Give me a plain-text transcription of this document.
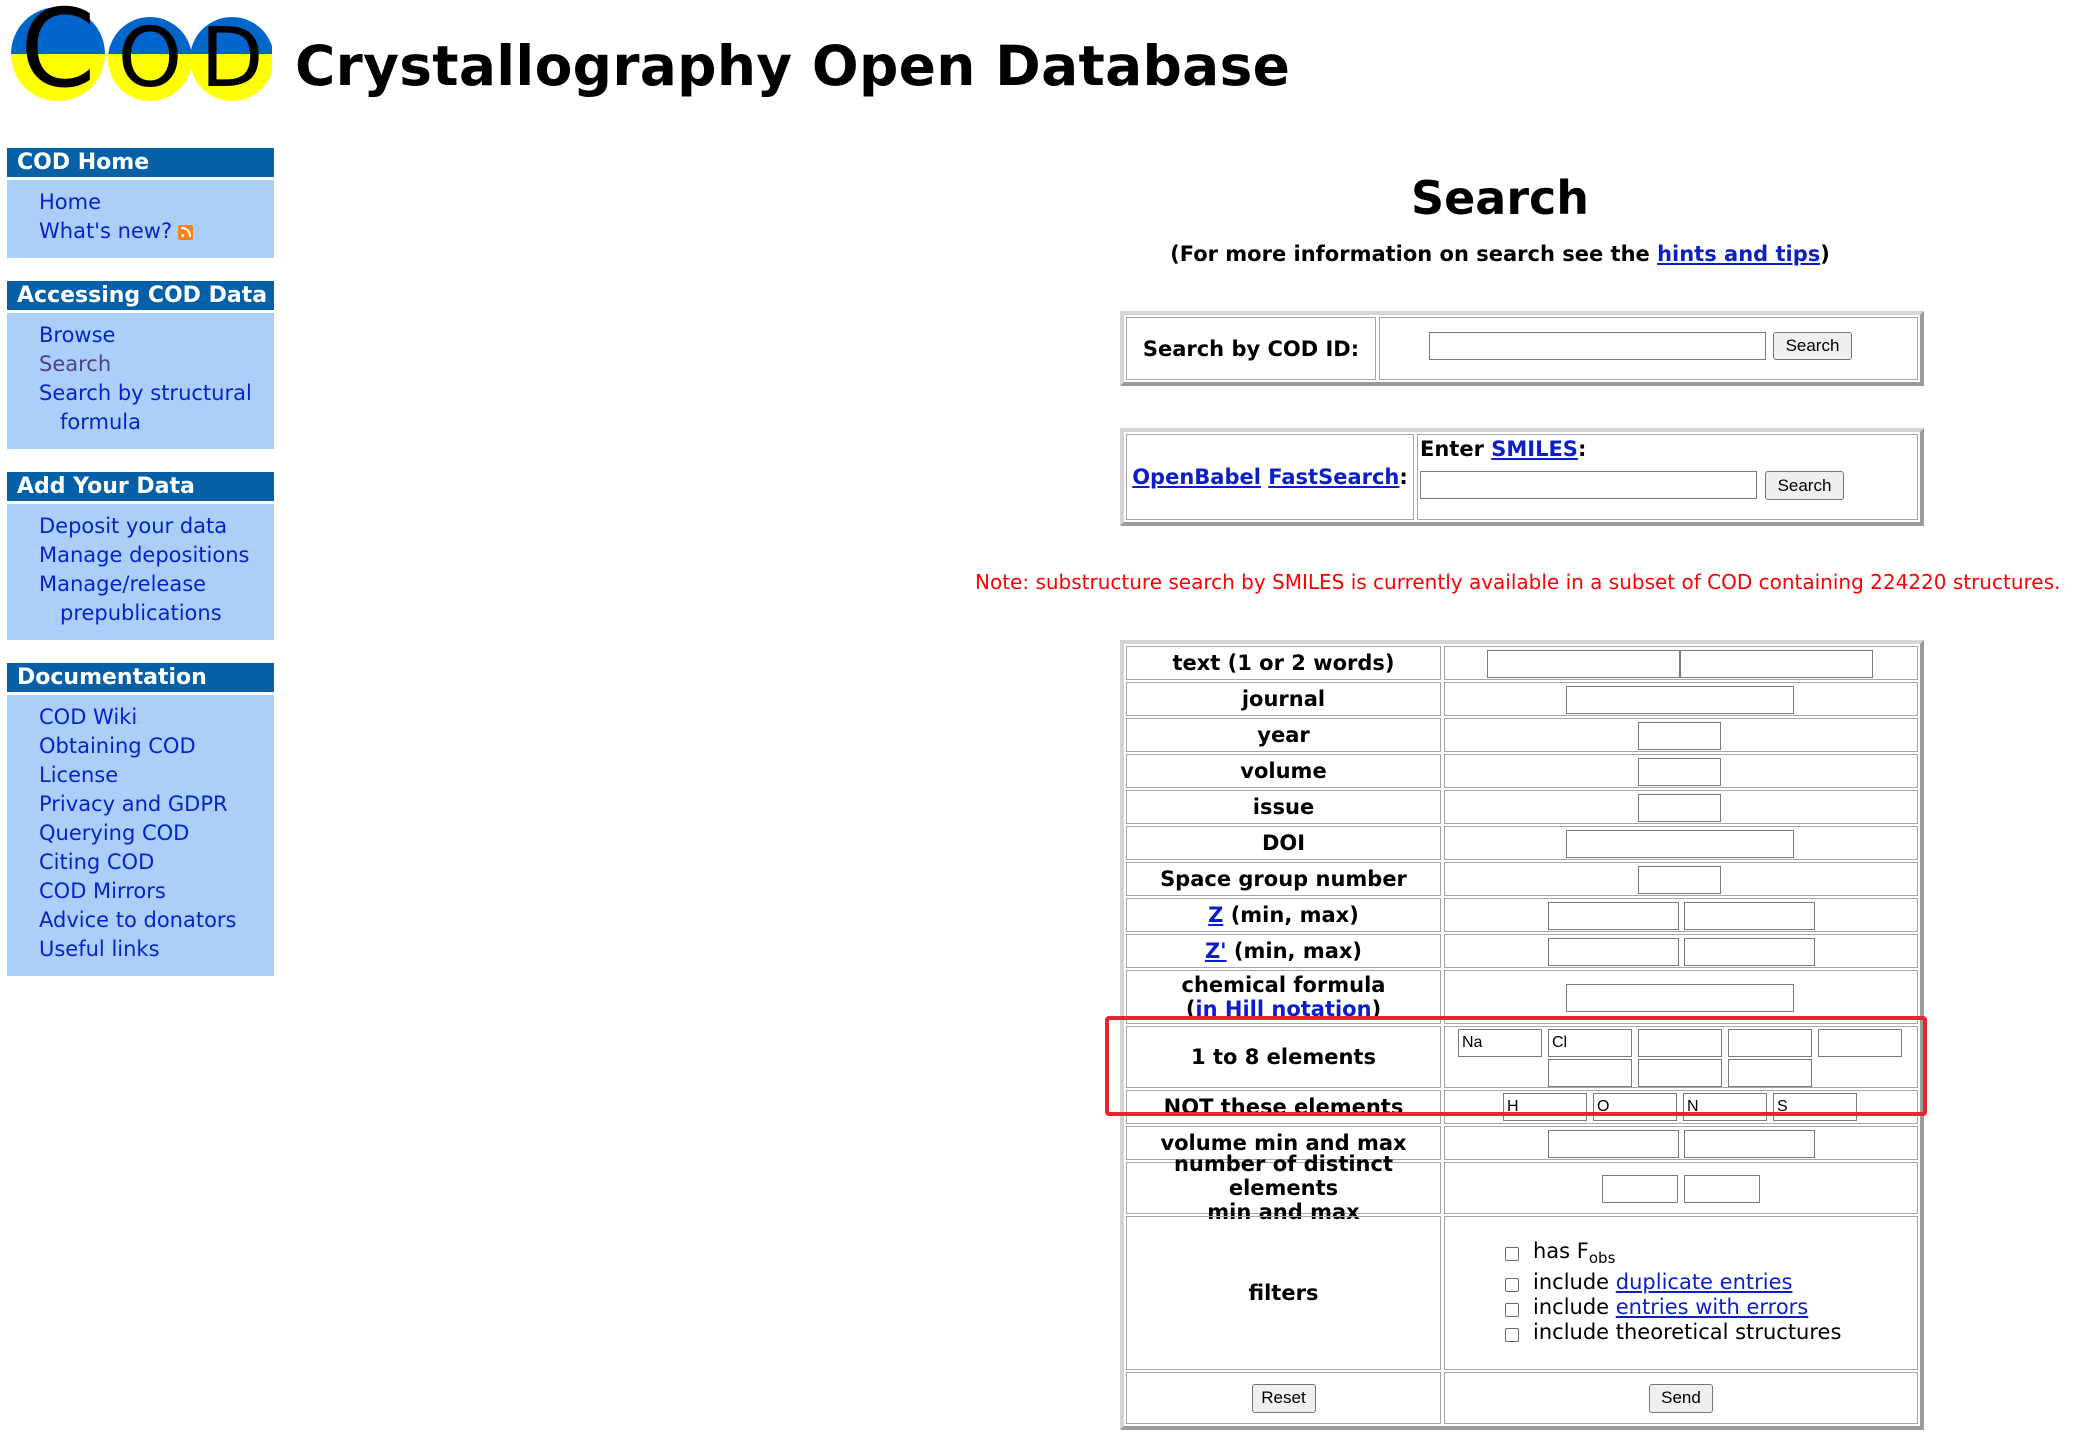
C O D Crystallography Open Database
COD Home
Home
What's new?
Accessing COD Data
Browse
Search
Search by structural
formula
Add Your Data
Deposit your data
Manage depositions
Manage/release
prepublications
Documentation
COD Wiki
Obtaining COD
License
Privacy and GDPR
Querying COD
Citing COD
COD Mirrors
Advice to donators
Useful links
Search
(For more information on search see the hints and tips)
Note: substructure search by SMILES is currently available in a subset of COD containing 224220 structures.
Search by COD ID:	Search
OpenBabel FastSearch:
Enter SMILES:
Search
text (1 or 2 words)
journal
year
volume
issue
DOI
Space group number
Z (min, max)
Z' (min, max)
chemical formula
(in Hill notation)
1 to 8 elements
Na
Cl
NOT these elements
H
O
N
S
volume min and max
number of distinct elements
min and max
filters
has $F_{obs}$
include duplicate entries
include entries with errors
include theoretical structures
Reset	Send
